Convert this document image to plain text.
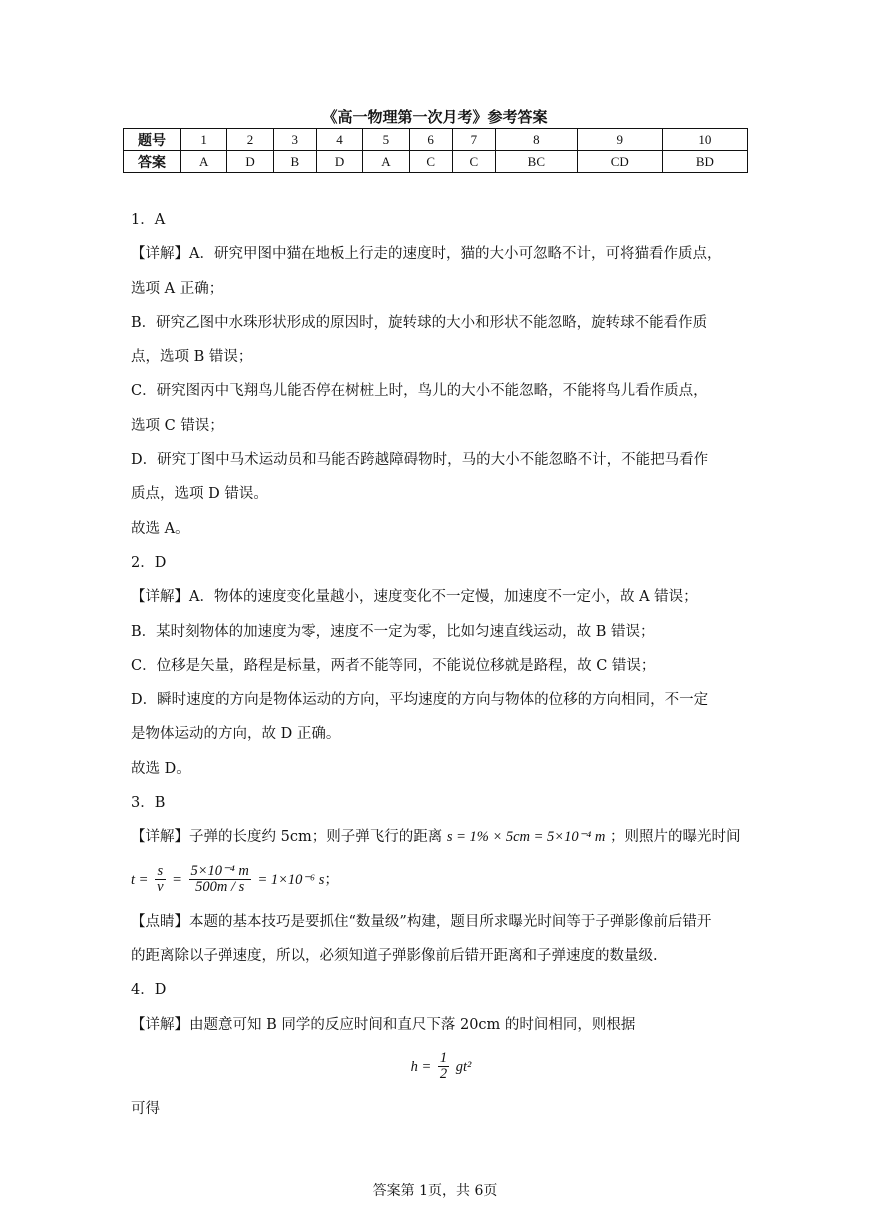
《高一物理第一次月考》参考答案
题号	1	2	3	4	5	6	7	8	9	10
答案	A	D	B	D	A	C	C	BC	CD	BD
1．A
【详解】A．研究甲图中猫在地板上行走的速度时，猫的大小可忽略不计，可将猫看作质点，
选项 A 正确；
B．研究乙图中水珠形状形成的原因时，旋转球的大小和形状不能忽略，旋转球不能看作质
点，选项 B 错误；
C．研究图丙中飞翔鸟儿能否停在树桩上时，鸟儿的大小不能忽略，不能将鸟儿看作质点，
选项 C 错误；
D．研究丁图中马术运动员和马能否跨越障碍物时，马的大小不能忽略不计，不能把马看作
质点，选项 D 错误。
故选 A。
2．D
【详解】A．物体的速度变化量越小，速度变化不一定慢，加速度不一定小，故 A 错误；
B．某时刻物体的加速度为零，速度不一定为零，比如匀速直线运动，故 B 错误；
C．位移是矢量，路程是标量，两者不能等同，不能说位移就是路程，故 C 错误；
D．瞬时速度的方向是物体运动的方向，平均速度的方向与物体的位移的方向相同，不一定
是物体运动的方向，故 D 正确。
故选 D。
3．B
【详解】子弹的长度约 5cm；则子弹飞行的距离 s = 1% × 5cm = 5×10⁻⁴ m ；则照片的曝光时间
$t = \frac{s}{v} = \frac{\text{5×10⁻⁴ m}}{500m / s} = 1\times 10^{-6}$ s；
【点睛】本题的基本技巧是要抓住“数量级”构建，题目所求曝光时间等于子弹影像前后错开
的距离除以子弹速度，所以，必须知道子弹影像前后错开距离和子弹速度的数量级.
4．D
【详解】由题意可知 B 同学的反应时间和直尺下落 20cm 的时间相同，则根据
$h = \frac{1}{2} gt^2$
可得
答案第 1页，共 6页
